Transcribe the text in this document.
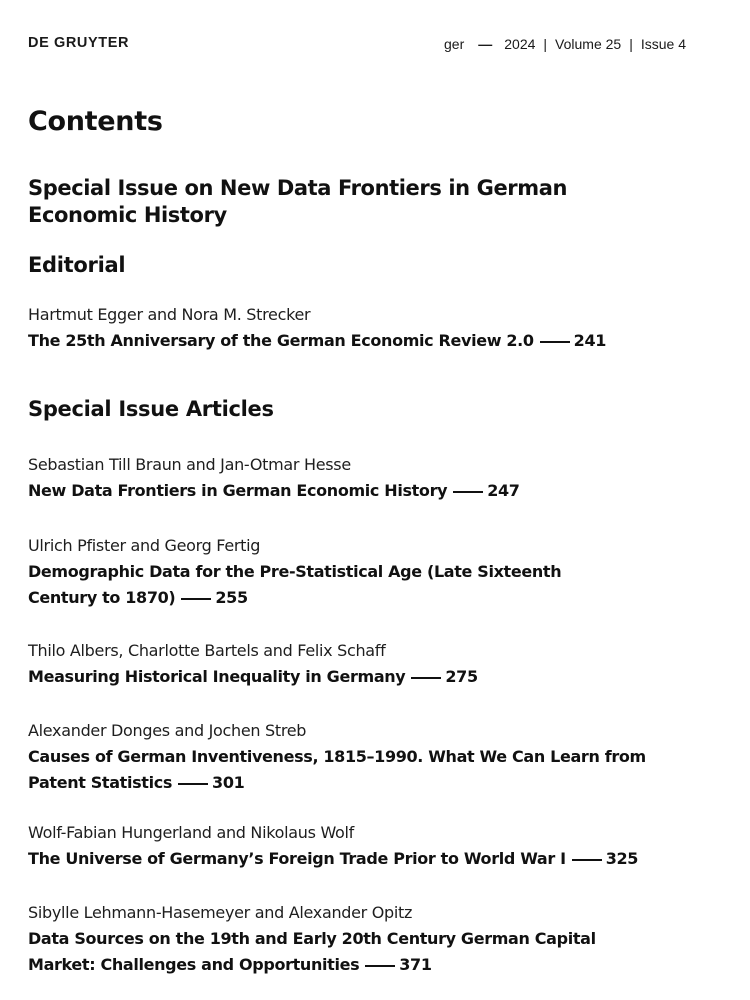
DE GRUYTER	ger — 2024 | Volume 25 | Issue 4
Contents
Special Issue on New Data Frontiers in German Economic History
Editorial
Hartmut Egger and Nora M. Strecker
The 25th Anniversary of the German Economic Review 2.0	241
Special Issue Articles
Sebastian Till Braun and Jan-Otmar Hesse
New Data Frontiers in German Economic History	247
Ulrich Pfister and Georg Fertig
Demographic Data for the Pre-Statistical Age (Late Sixteenth Century to 1870)	255
Thilo Albers, Charlotte Bartels and Felix Schaff
Measuring Historical Inequality in Germany	275
Alexander Donges and Jochen Streb
Causes of German Inventiveness, 1815–1990. What We Can Learn from Patent Statistics	301
Wolf-Fabian Hungerland and Nikolaus Wolf
The Universe of Germany’s Foreign Trade Prior to World War I	325
Sibylle Lehmann-Hasemeyer and Alexander Opitz
Data Sources on the 19th and Early 20th Century German Capital Market: Challenges and Opportunities	371
